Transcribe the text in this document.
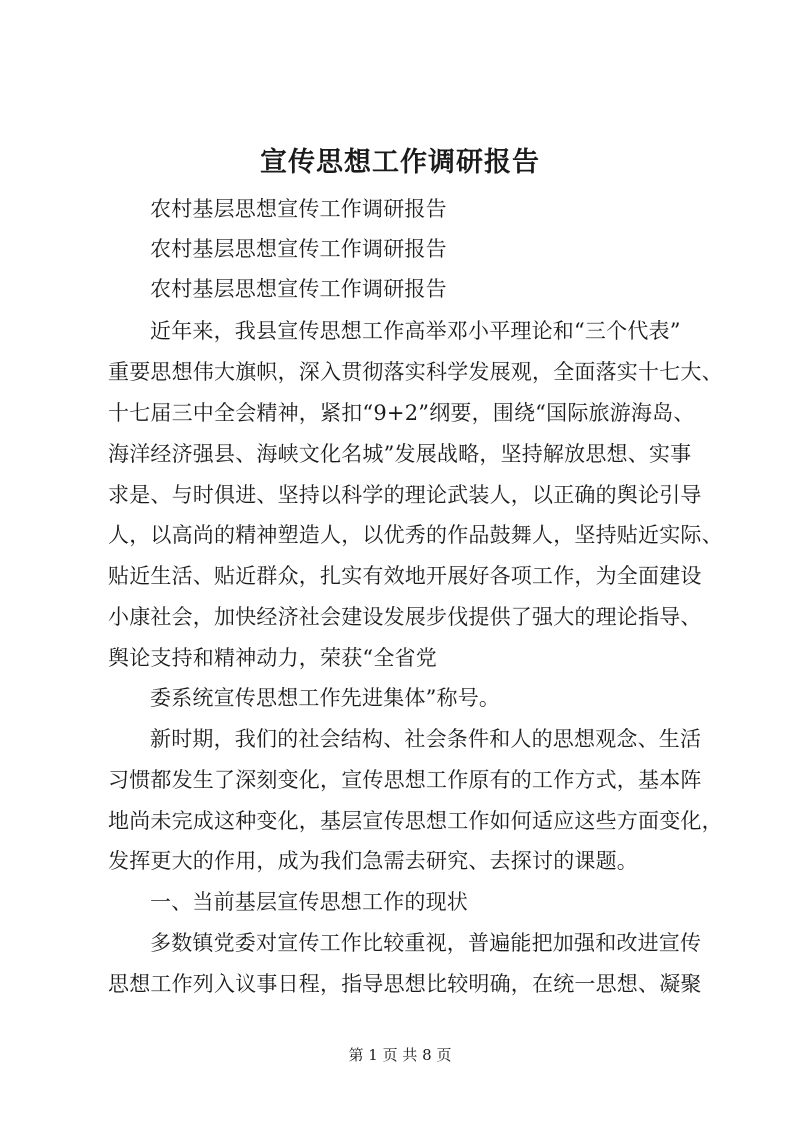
宣传思想工作调研报告
农村基层思想宣传工作调研报告
农村基层思想宣传工作调研报告
农村基层思想宣传工作调研报告
近年来，我县宣传思想工作高举邓小平理论和“三个代表”
重要思想伟大旗帜，深入贯彻落实科学发展观，全面落实十七大、
十七届三中全会精神，紧扣“9+2”纲要，围绕“国际旅游海岛、
海洋经济强县、海峡文化名城”发展战略，坚持解放思想、实事
求是、与时俱进、坚持以科学的理论武装人，以正确的舆论引导
人，以高尚的精神塑造人，以优秀的作品鼓舞人，坚持贴近实际、
贴近生活、贴近群众，扎实有效地开展好各项工作，为全面建设
小康社会，加快经济社会建设发展步伐提供了强大的理论指导、
舆论支持和精神动力，荣获“全省党
委系统宣传思想工作先进集体”称号。
新时期，我们的社会结构、社会条件和人的思想观念、生活
习惯都发生了深刻变化，宣传思想工作原有的工作方式，基本阵
地尚未完成这种变化，基层宣传思想工作如何适应这些方面变化，
发挥更大的作用，成为我们急需去研究、去探讨的课题。
一、当前基层宣传思想工作的现状
多数镇党委对宣传工作比较重视，普遍能把加强和改进宣传
思想工作列入议事日程，指导思想比较明确，在统一思想、凝聚
第 1 页 共 8 页
